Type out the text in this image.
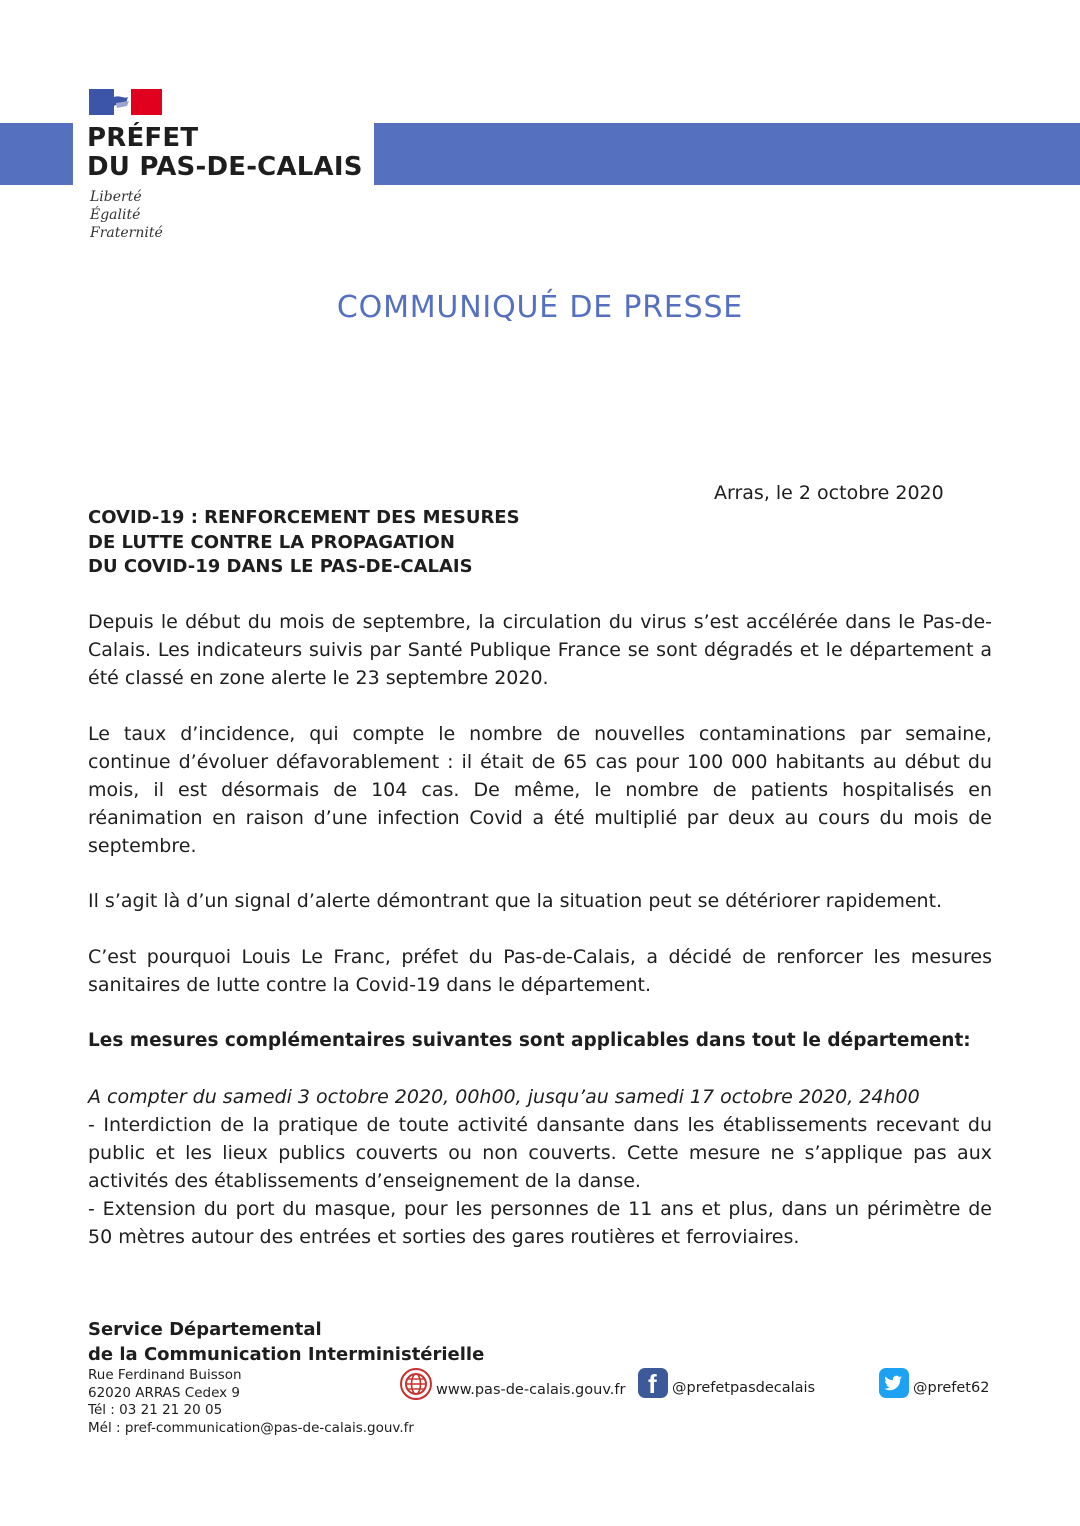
PRÉFET
DU PAS-DE-CALAIS
Liberté
Égalité
Fraternité
COMMUNIQUÉ DE PRESSE
Arras, le 2 octobre 2020
COVID-19 : RENFORCEMENT DES MESURES
DE LUTTE CONTRE LA PROPAGATION
DU COVID-19 DANS LE PAS-DE-CALAIS
Depuis le début du mois de septembre, la circulation du virus s’est accélérée dans le Pas-de-Calais. Les indicateurs suivis par Santé Publique France se sont dégradés et le département a été classé en zone alerte le 23 septembre 2020.
Le taux d’incidence, qui compte le nombre de nouvelles contaminations par semaine, continue d’évoluer défavorablement : il était de 65 cas pour 100 000 habitants au début du mois, il est désormais de 104 cas. De même, le nombre de patients hospitalisés en réanimation en raison d’une infection Covid a été multiplié par deux au cours du mois de septembre.
Il s’agit là d’un signal d’alerte démontrant que la situation peut se détériorer rapidement.
C’est pourquoi Louis Le Franc, préfet du Pas-de-Calais, a décidé de renforcer les mesures sanitaires de lutte contre la Covid-19 dans le département.
Les mesures complémentaires suivantes sont applicables dans tout le département:
A compter du samedi 3 octobre 2020, 00h00, jusqu’au samedi 17 octobre 2020, 24h00
- Interdiction de la pratique de toute activité dansante dans les établissements recevant du public et les lieux publics couverts ou non couverts. Cette mesure ne s’applique pas aux activités des établissements d’enseignement de la danse.
- Extension du port du masque, pour les personnes de 11 ans et plus, dans un périmètre de 50 mètres autour des entrées et sorties des gares routières et ferroviaires.
Service Départemental
de la Communication Interministérielle
Rue Ferdinand Buisson
62020 ARRAS Cedex 9
Tél : 03 21 21 20 05
Mél : pref-communication@pas-de-calais.gouv.fr
www.pas-de-calais.gouv.fr f @prefetpasdecalais	@prefet62
